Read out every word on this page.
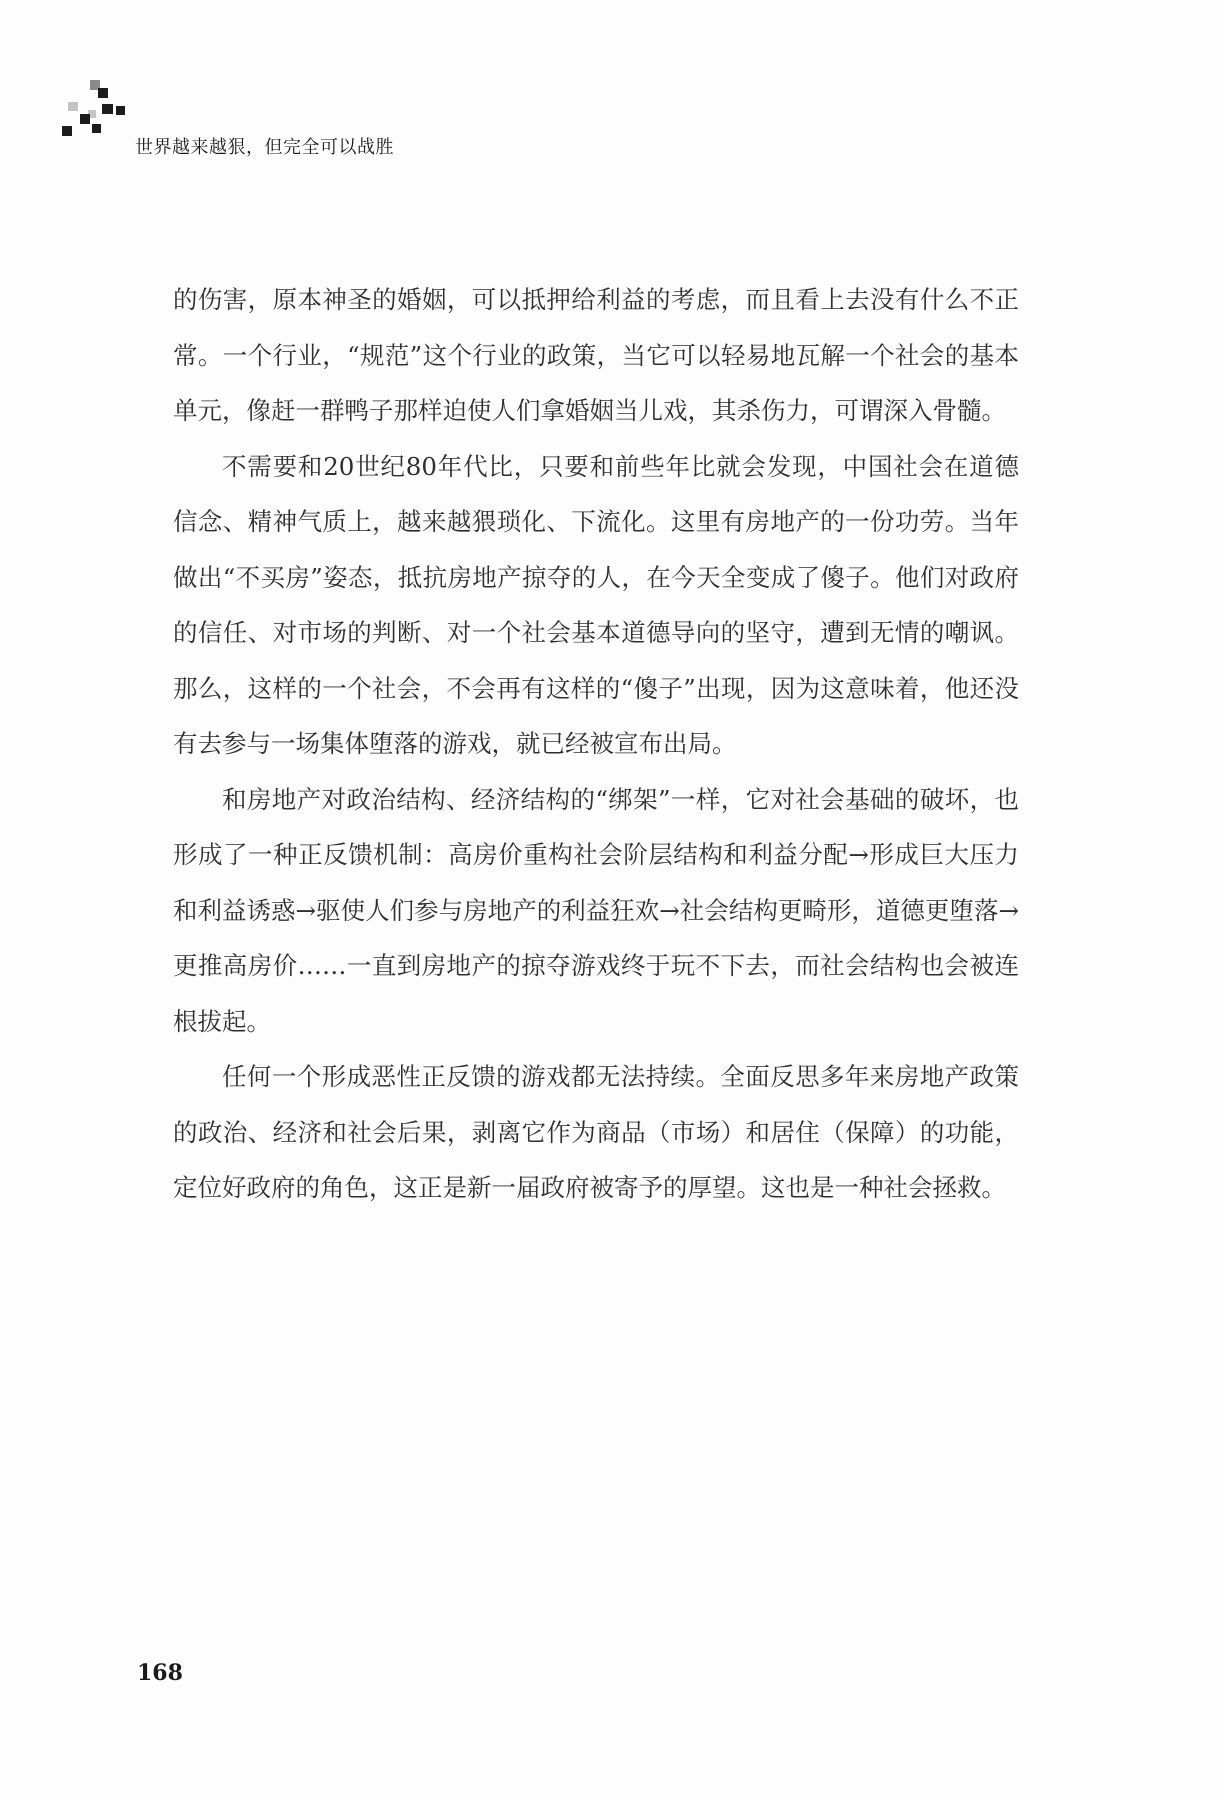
世界越来越狠，但完全可以战胜

的伤害，原本神圣的婚姻，可以抵押给利益的考虑，而且看上去没有什么不正常。一个行业，“规范”这个行业的政策，当它可以轻易地瓦解一个社会的基本单元，像赶一群鸭子那样迫使人们拿婚姻当儿戏，其杀伤力，可谓深入骨髓。

不需要和20世纪80年代比，只要和前些年比就会发现，中国社会在道德信念、精神气质上，越来越猥琐化、下流化。这里有房地产的一份功劳。当年做出“不买房”姿态，抵抗房地产掠夺的人，在今天全变成了傻子。他们对政府的信任、对市场的判断、对一个社会基本道德导向的坚守，遭到无情的嘲讽。那么，这样的一个社会，不会再有这样的“傻子”出现，因为这意味着，他还没有去参与一场集体堕落的游戏，就已经被宣布出局。

和房地产对政治结构、经济结构的“绑架”一样，它对社会基础的破坏，也形成了一种正反馈机制：高房价重构社会阶层结构和利益分配→形成巨大压力和利益诱惑→驱使人们参与房地产的利益狂欢→社会结构更畸形，道德更堕落→更推高房价……一直到房地产的掠夺游戏终于玩不下去，而社会结构也会被连根拔起。

任何一个形成恶性正反馈的游戏都无法持续。全面反思多年来房地产政策的政治、经济和社会后果，剥离它作为商品（市场）和居住（保障）的功能，定位好政府的角色，这正是新一届政府被寄予的厚望。这也是一种社会拯救。

168
